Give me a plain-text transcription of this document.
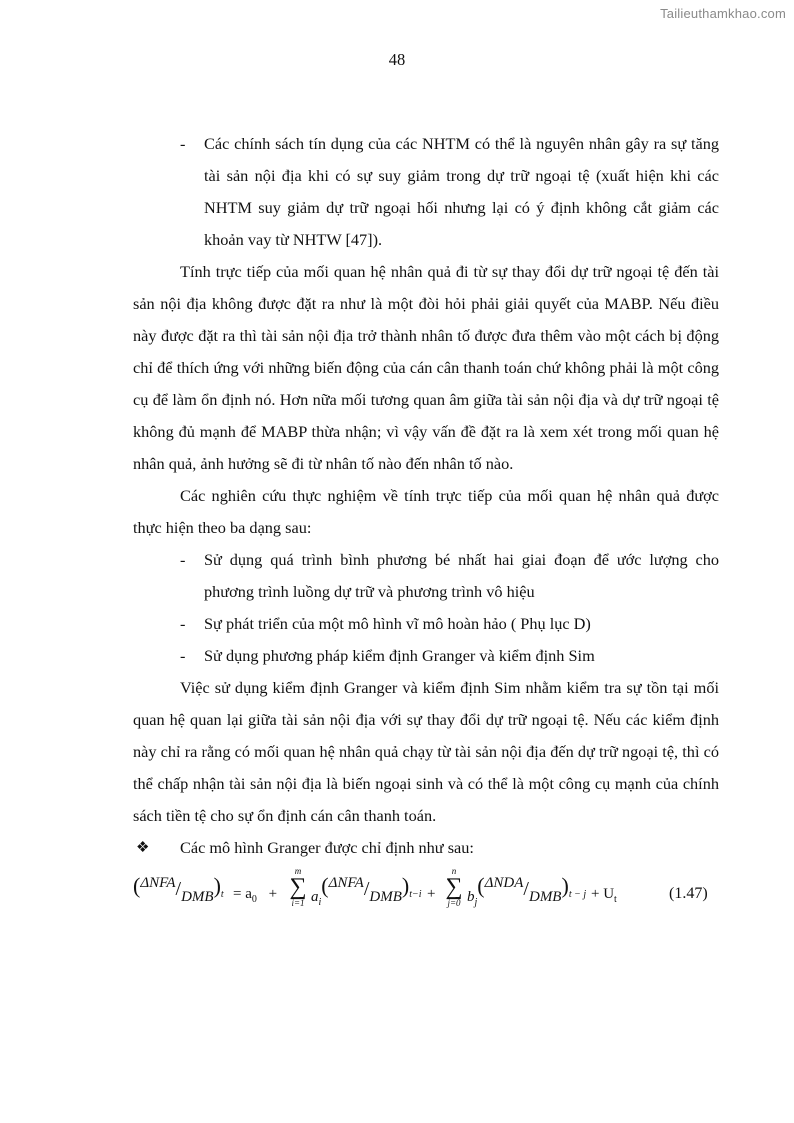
Tailieuthamkhao.com
48

- Các chính sách tín dụng của các NHTM có thể là nguyên nhân gây ra sự tăng tài sản nội địa khi có sự suy giảm trong dự trữ ngoại tệ (xuất hiện khi các NHTM suy giảm dự trữ ngoại hối nhưng lại có ý định không cắt giảm các khoản vay từ NHTW [47]).

Tính trực tiếp của mối quan hệ nhân quả đi từ sự thay đổi dự trữ ngoại tệ đến tài sản nội địa không được đặt ra như là một đòi hỏi phải giải quyết của MABP. Nếu điều này được đặt ra thì tài sản nội địa trở thành nhân tố được đưa thêm vào một cách bị động chỉ để thích ứng với những biến động của cán cân thanh toán chứ không phải là một công cụ để làm ổn định nó. Hơn nữa mối tương quan âm giữa tài sản nội địa và dự trữ ngoại tệ không đủ mạnh để MABP thừa nhận; vì vậy vấn đề đặt ra là xem xét trong mối quan hệ nhân quả, ảnh hưởng sẽ đi từ nhân tố nào đến nhân tố nào.

Các nghiên cứu thực nghiệm về tính trực tiếp của mối quan hệ nhân quả được thực hiện theo ba dạng sau:

- Sử dụng quá trình bình phương bé nhất hai giai đoạn để ước lượng cho phương trình luồng dự trữ và phương trình vô hiệu

- Sự phát triển của một mô hình vĩ mô hoàn hảo ( Phụ lục D)

- Sử dụng phương pháp kiểm định Granger và kiểm định Sim

Việc sử dụng kiểm định Granger và kiểm định Sim nhằm kiểm tra sự tồn tại mối quan hệ quan lại giữa tài sản nội địa với sự thay đổi dự trữ ngoại tệ. Nếu các kiểm định này chỉ ra rằng có mối quan hệ nhân quả chạy từ tài sản nội địa đến dự trữ ngoại tệ, thì có thể chấp nhận tài sản nội địa là biến ngoại sinh và có thể là một công cụ mạnh của chính sách tiền tệ cho sự ổn định cán cân thanh toán.

❖ Các mô hình Granger được chỉ định như sau:

$(\Delta NFA/DMB)_t = a_0$ +
m
∑
i=1 $a_i(\Delta NFA/DMB)_{t-i}$ +
n
∑
j=0 $b_j(\Delta NDA/DMB)_{t - j} + U_t$	(1.47)
